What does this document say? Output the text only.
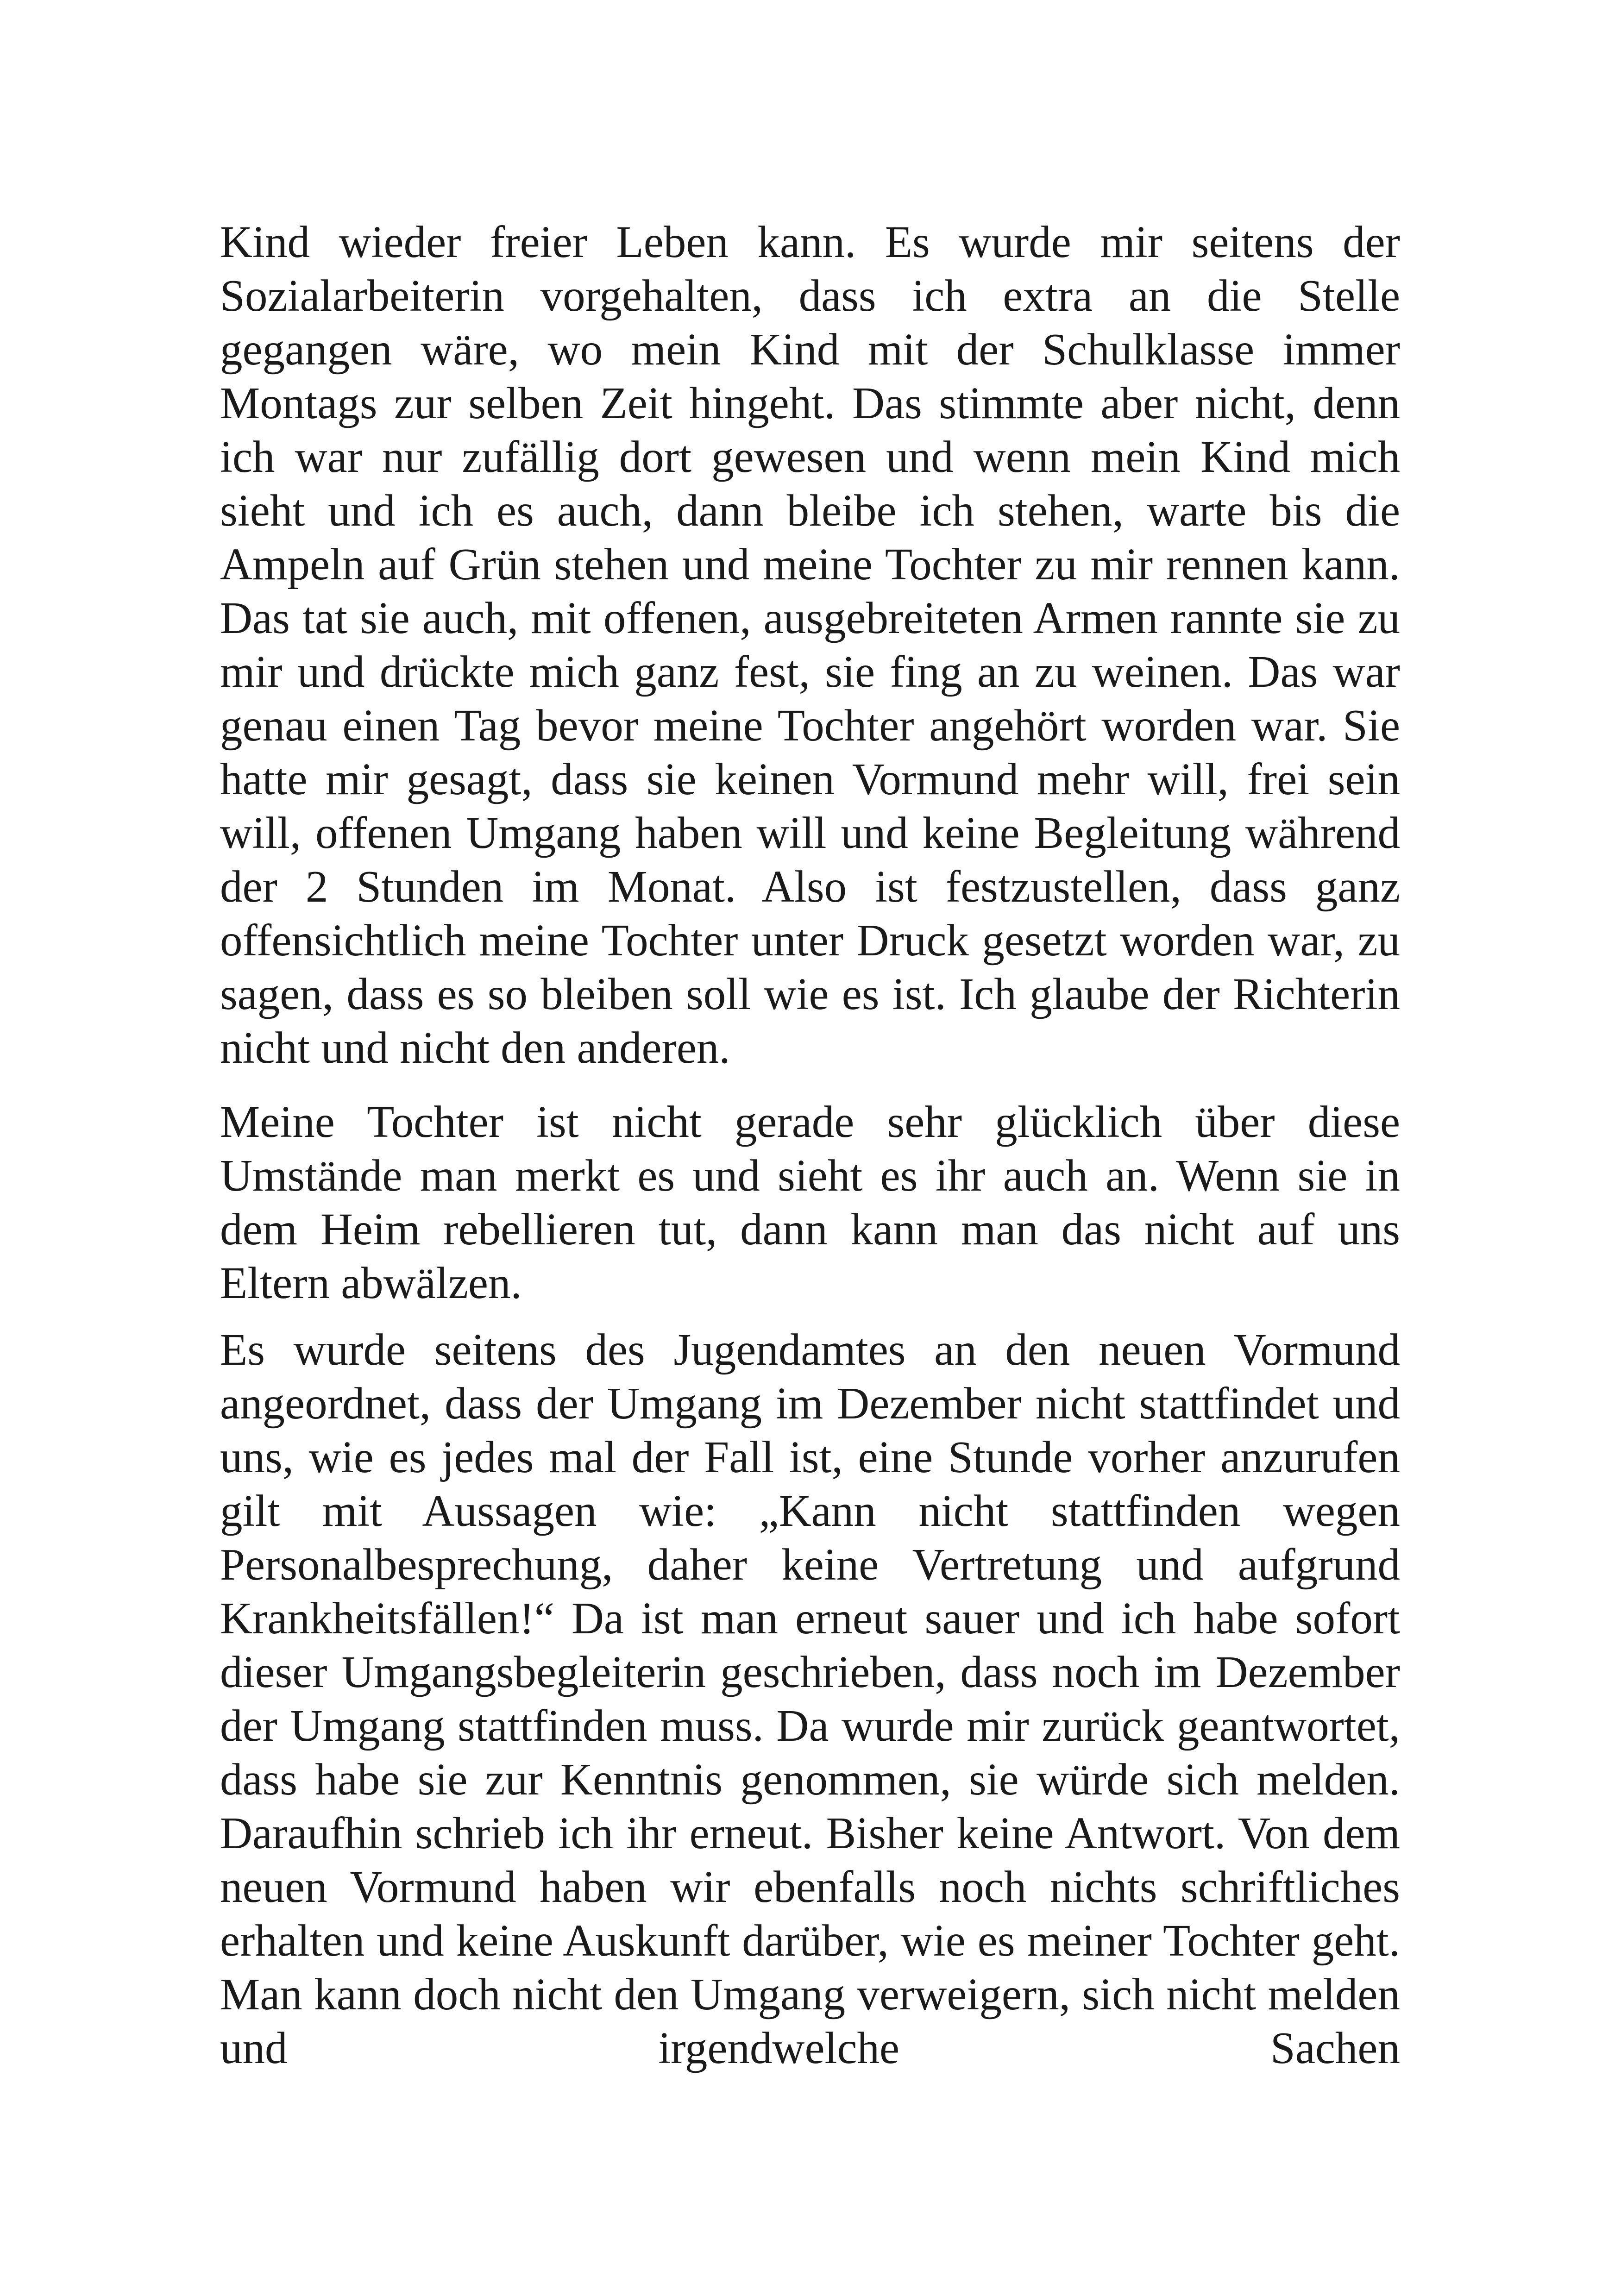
Kind wieder freier Leben kann. Es wurde mir seitens der Sozialarbeiterin vorgehalten, dass ich extra an die Stelle gegangen wäre, wo mein Kind mit der Schulklasse immer Montags zur selben Zeit hingeht. Das stimmte aber nicht, denn ich war nur zufällig dort gewesen und wenn mein Kind mich sieht und ich es auch, dann bleibe ich stehen, warte bis die Ampeln auf Grün stehen und meine Tochter zu mir rennen kann. Das tat sie auch, mit offenen, ausgebreiteten Armen rannte sie zu mir und drückte mich ganz fest, sie fing an zu weinen. Das war genau einen Tag bevor meine Tochter angehört worden war. Sie hatte mir gesagt, dass sie keinen Vormund mehr will, frei sein will, offenen Umgang haben will und keine Begleitung während der 2 Stunden im Monat. Also ist festzustellen, dass ganz offensichtlich meine Tochter unter Druck gesetzt worden war, zu sagen, dass es so bleiben soll wie es ist. Ich glaube der Richterin nicht und nicht den anderen.

Meine Tochter ist nicht gerade sehr glücklich über diese Umstände man merkt es und sieht es ihr auch an. Wenn sie in dem Heim rebellieren tut, dann kann man das nicht auf uns Eltern abwälzen.

Es wurde seitens des Jugendamtes an den neuen Vormund angeordnet, dass der Umgang im Dezember nicht stattfindet und uns, wie es jedes mal der Fall ist, eine Stunde vorher anzurufen gilt mit Aussagen wie: „Kann nicht stattfinden wegen Personalbesprechung, daher keine Vertretung und aufgrund Krankheitsfällen!“ Da ist man erneut sauer und ich habe sofort dieser Umgangsbegleiterin geschrieben, dass noch im Dezember der Umgang stattfinden muss. Da wurde mir zurück geantwortet, dass habe sie zur Kenntnis genommen, sie würde sich melden. Daraufhin schrieb ich ihr erneut. Bisher keine Antwort. Von dem neuen Vormund haben wir ebenfalls noch nichts schriftliches erhalten und keine Auskunft darüber, wie es meiner Tochter geht. Man kann doch nicht den Umgang verweigern, sich nicht melden und irgendwelche Sachen
